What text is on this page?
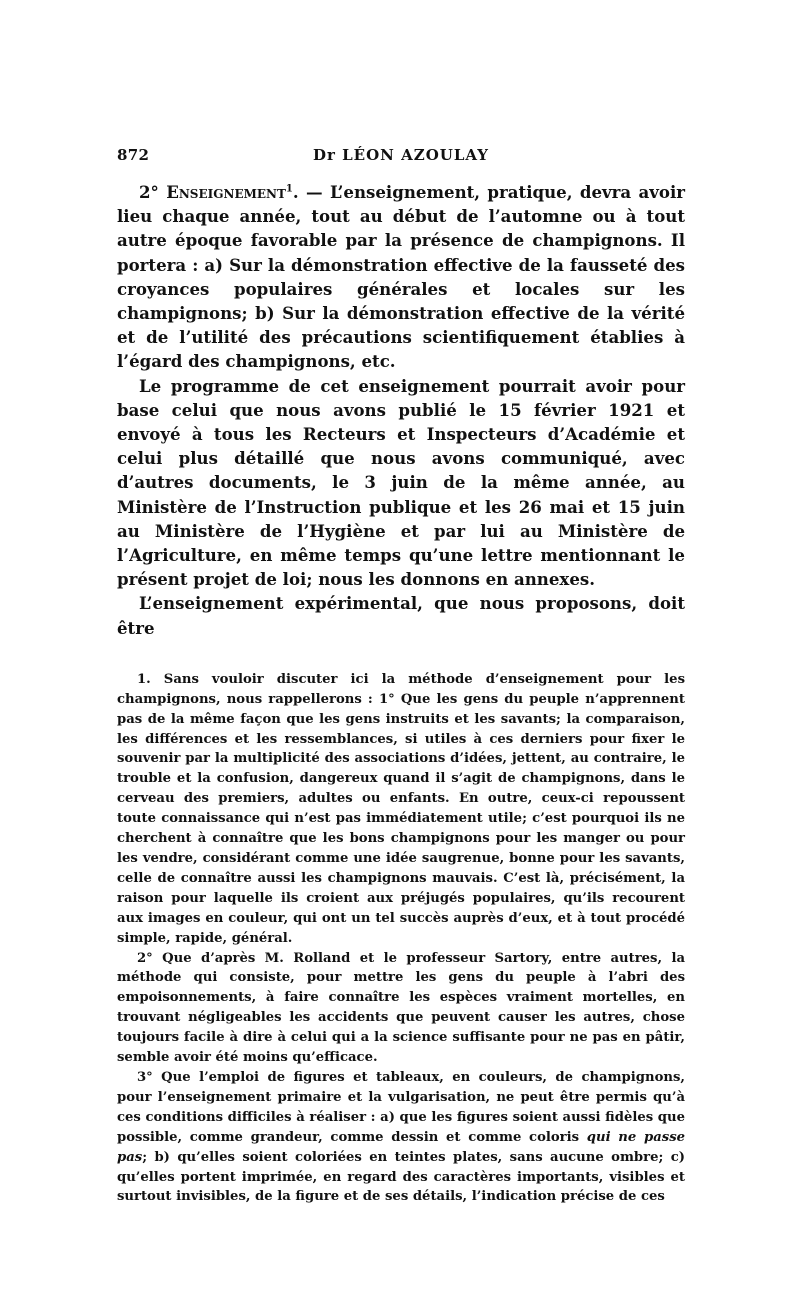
872	Dr LÉON AZOULAY

2° Enseignement$^1$. — L’enseignement, pratique, devra avoir lieu chaque année, tout au début de l’automne ou à tout autre époque favorable par la présence de champignons. Il portera : a) Sur la démonstration effective de la fausseté des croyances populaires générales et locales sur les champignons; b) Sur la démonstration effective de la vérité et de l’utilité des précautions scientifiquement établies à l’égard des champignons, etc.

Le programme de cet enseignement pourrait avoir pour base celui que nous avons publié le 15 février 1921 et envoyé à tous les Recteurs et Inspecteurs d’Académie et celui plus détaillé que nous avons communiqué, avec d’autres documents, le 3 juin de la même année, au Ministère de l’Instruction publique et les 26 mai et 15 juin au Ministère de l’Hygiène et par lui au Ministère de l’Agriculture, en même temps qu’une lettre mentionnant le présent projet de loi; nous les donnons en annexes.

L’enseignement expérimental, que nous proposons, doit être

1. Sans vouloir discuter ici la méthode d’enseignement pour les champignons, nous rappellerons : 1° Que les gens du peuple n’apprennent pas de la même façon que les gens instruits et les savants; la comparaison, les différences et les ressemblances, si utiles à ces derniers pour fixer le souvenir par la multiplicité des associations d’idées, jettent, au contraire, le trouble et la confusion, dangereux quand il s’agit de champignons, dans le cerveau des premiers, adultes ou enfants. En outre, ceux-ci repoussent toute connaissance qui n’est pas immédiatement utile; c’est pourquoi ils ne cherchent à connaître que les bons champignons pour les manger ou pour les vendre, considérant comme une idée saugrenue, bonne pour les savants, celle de connaître aussi les champignons mauvais. C’est là, précisément, la raison pour laquelle ils croient aux préjugés populaires, qu’ils recourent aux images en couleur, qui ont un tel succès auprès d’eux, et à tout procédé simple, rapide, général.

2° Que d’après M. Rolland et le professeur Sartory, entre autres, la méthode qui consiste, pour mettre les gens du peuple à l’abri des empoisonnements, à faire connaître les espèces vraiment mortelles, en trouvant négligeables les accidents que peuvent causer les autres, chose toujours facile à dire à celui qui a la science suffisante pour ne pas en pâtir, semble avoir été moins qu’efficace.

3° Que l’emploi de figures et tableaux, en couleurs, de champignons, pour l’enseignement primaire et la vulgarisation, ne peut être permis qu’à ces conditions difficiles à réaliser : a) que les figures soient aussi fidèles que possible, comme grandeur, comme dessin et comme coloris qui ne passe pas; b) qu’elles soient coloriées en teintes plates, sans aucune ombre; c) qu’elles portent imprimée, en regard des caractères importants, visibles et surtout invisibles, de la figure et de ses détails, l’indication précise de ces
